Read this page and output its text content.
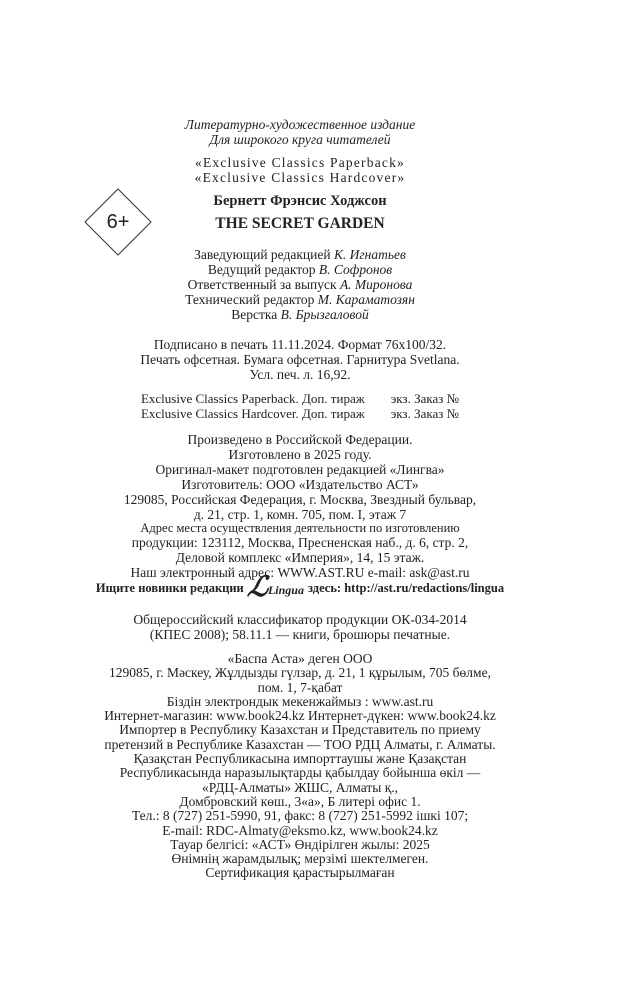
Литературно-художественное издание
Для широкого круга читателей
«Exclusive Classics Paperback»
«Exclusive Classics Hardcover»
Бернетт Фрэнсис Ходжсон
THE SECRET GARDEN
6+
Заведующий редакцией К. Игнатьев
Ведущий редактор В. Софронов
Ответственный за выпуск А. Миронова
Технический редактор М. Караматозян
Верстка В. Брызгаловой
Подписано в печать 11.11.2024. Формат 76x100/32.
Печать офсетная. Бумага офсетная. Гарнитура Svetlana.
Усл. печ. л. 16,92.
Exclusive Classics Paperback. Доп. тираж экз. Заказ №
Exclusive Classics Hardcover. Доп. тираж экз. Заказ №
Произведено в Российской Федерации.
Изготовлено в 2025 году.
Оригинал-макет подготовлен редакцией «Лингва»
Изготовитель: ООО «Издательство АСТ»
129085, Российская Федерация, г. Москва, Звездный бульвар,
д. 21, стр. 1, комн. 705, пом. I, этаж 7
Адрес места осуществления деятельности по изготовлению
продукции: 123112, Москва, Пресненская наб., д. 6, стр. 2,
Деловой комплекс «Империя», 14, 15 этаж.
Наш электронный адрес: WWW.AST.RU e-mail: ask@ast.ru
Ищите новинки редакции ℒ
Lingua здесь: http://ast.ru/redactions/lingua
Общероссийский классификатор продукции ОК-034-2014
(КПЕС 2008); 58.11.1 — книги, брошюры печатные.
«Баспа Аста» деген ООО
129085, г. Мәскеу, Жұлдызды гүлзар, д. 21, 1 құрылым, 705 бөлме,
пом. 1, 7-қабат
Біздін электрондык мекенжаймыз : www.ast.ru
Интернет-магазин: www.book24.kz Интернет-дүкен: www.book24.kz
Импортер в Республику Казахстан и Представитель по приему
претензий в Республике Казахстан — ТОО РДЦ Алматы, г. Алматы.
Қазақстан Республикасына импорттаушы және Қазақстан
Республикасында наразылықтарды қабылдау бойынша өкіл —
«РДЦ-Алматы» ЖШС, Алматы қ.,
Домбровский көш., 3«а», Б литері офис 1.
Тел.: 8 (727) 251-5990, 91, факс: 8 (727) 251-5992 ішкі 107;
E-mail: RDC-Almaty@eksmo.kz, www.book24.kz
Тауар белгісі: «АСТ» Өндірілген жылы: 2025
Өнімнің жарамдылық; мерзімі шектелмеген.
Сертификация қарастырылмаған
